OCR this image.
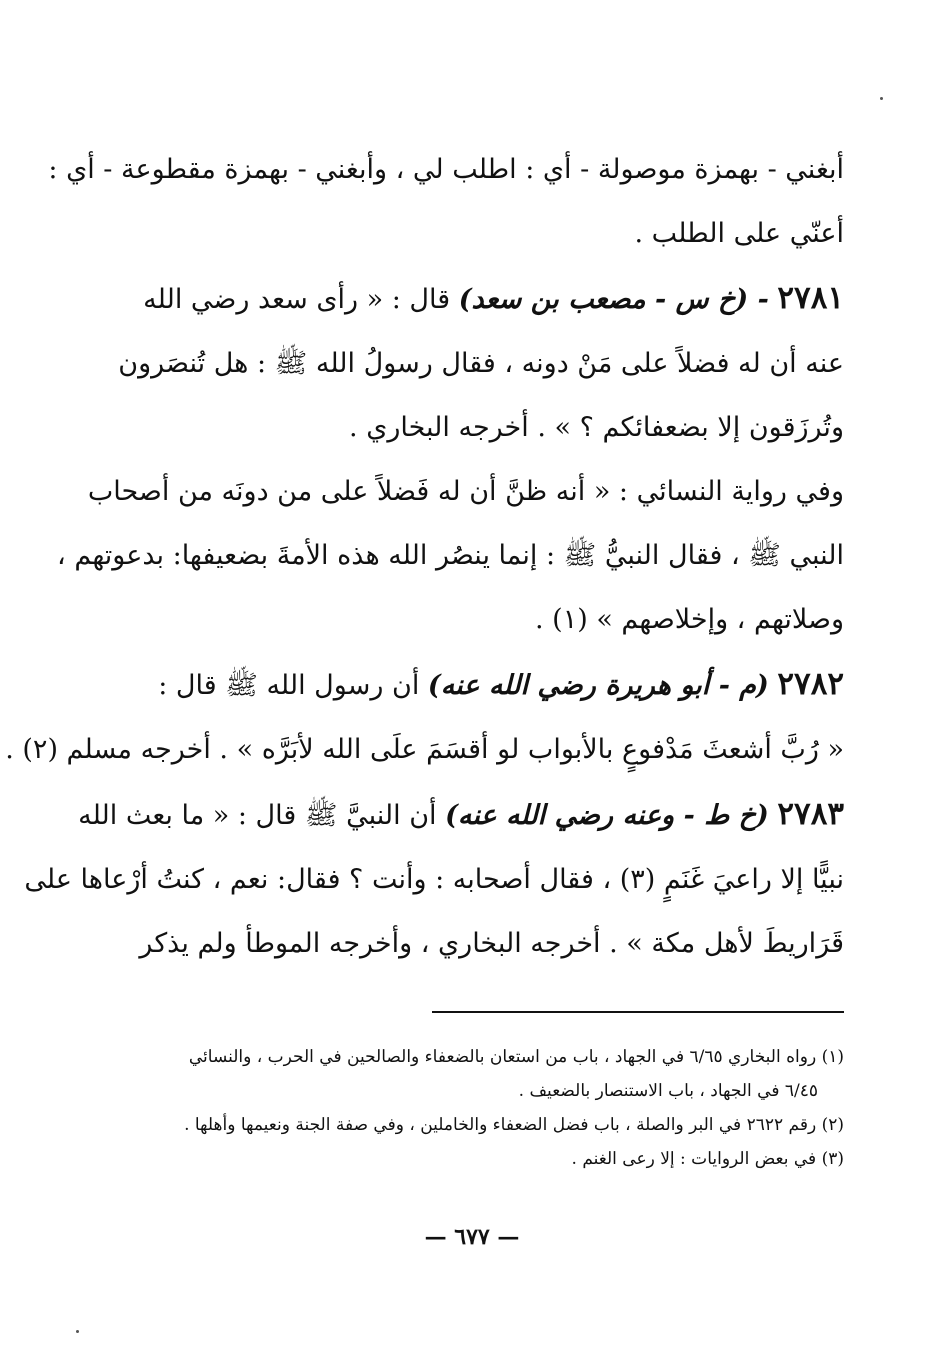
أبغني - بهمزة موصولة - أي : اطلب لي ، وأبغني - بهمزة مقطوعة - أي :
أعنّي على الطلب .
٢٧٨١ - (خ س - مصعب بن سعد) قال : « رأى سعد رضي الله
عنه أن له فضلاً على مَنْ دونه ، فقال رسولُ الله ﷺ : هل تُنصَرون
وتُرزَقون إلا بضعفائكم ؟ » . أخرجه البخاري .
وفي رواية النسائي : « أنه ظنَّ أن له فَضلاً على من دونَه من أصحاب
النبي ﷺ ، فقال النبيُّ ﷺ : إنما ينصُر الله هذه الأمةَ بضعيفها: بدعوتهم ،
وصلاتهم ، وإخلاصهم » (١) .
٢٧٨٢ (م - أبو هريرة رضي الله عنه) أن رسول الله ﷺ قال :
« رُبَّ أشعثَ مَدْفوعٍ بالأبواب لو أقسَمَ علَى الله لأبَرَّه » . أخرجه مسلم (٢) .
٢٧٨٣ (خ ط - وعنه رضي الله عنه) أن النبيَّ ﷺ قال : « ما بعث الله
نبيًّا إلا راعيَ غَنَمٍ (٣) ، فقال أصحابه : وأنت ؟ فقال: نعم ، كنتُ أرْعاها على
قَرَاريطَ لأهل مكة » . أخرجه البخاري ، وأخرجه الموطأ ولم يذكر
(١) رواه البخاري ٦/٦٥ في الجهاد ، باب من استعان بالضعفاء والصالحين في الحرب ، والنسائي
٦/٤٥ في الجهاد ، باب الاستنصار بالضعيف .
(٢) رقم ٢٦٢٢ في البر والصلة ، باب فضل الضعفاء والخاملين ، وفي صفة الجنة ونعيمها وأهلها .
(٣) في بعض الروايات : إلا رعى الغنم .
— ٦٧٧ —
